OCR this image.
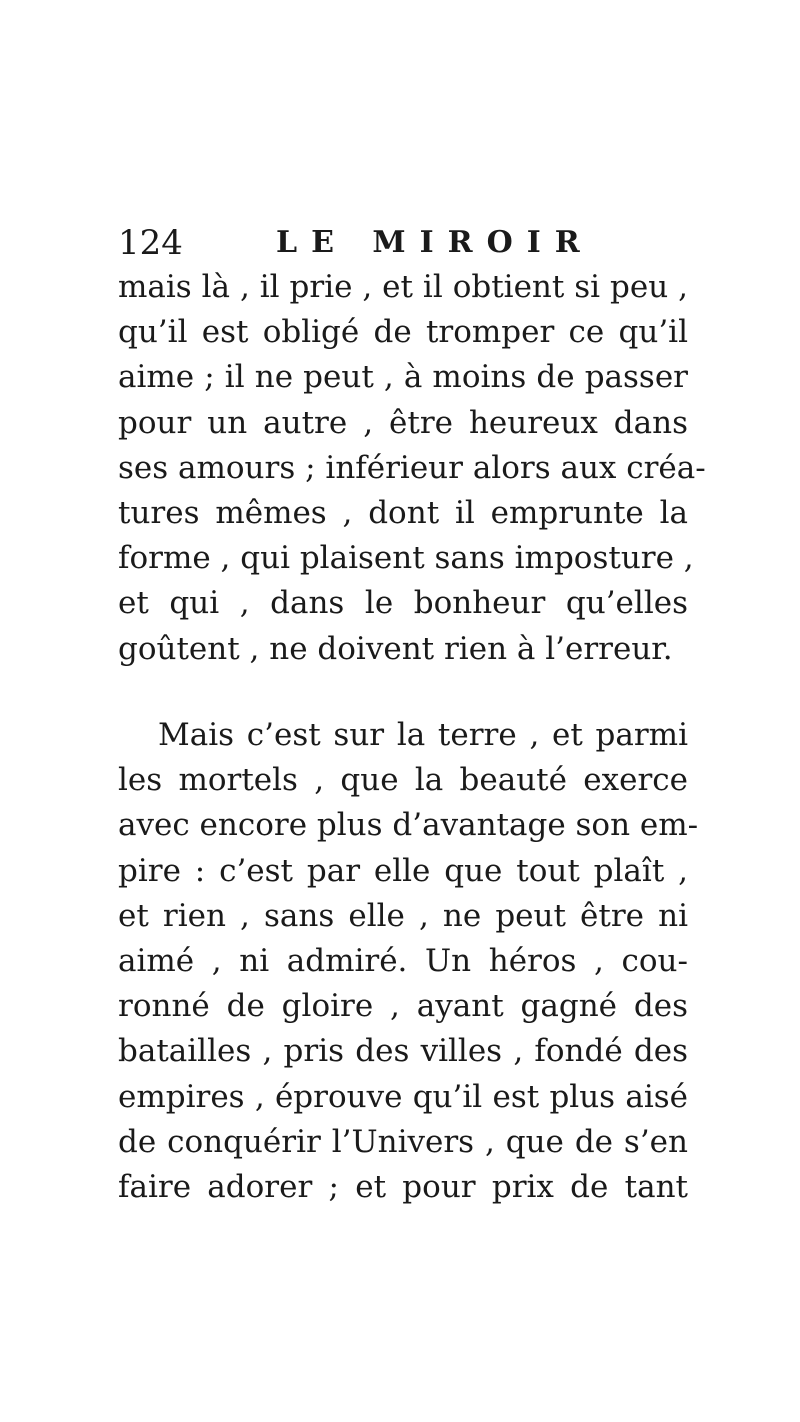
124	LE MIROIR
mais là , il prie , et il obtient si peu ,
qu’il est obligé de tromper ce qu’il
aime ; il ne peut , à moins de passer
pour un autre , être heureux dans
ses amours ; inférieur alors aux créa-
tures mêmes , dont il emprunte la
forme , qui plaisent sans imposture ,
et qui , dans le bonheur qu’elles
goûtent , ne doivent rien à l’erreur.
Mais c’est sur la terre , et parmi
les mortels , que la beauté exerce
avec encore plus d’avantage son em-
pire : c’est par elle que tout plaît ,
et rien , sans elle , ne peut être ni
aimé , ni admiré. Un héros , cou-
ronné de gloire , ayant gagné des
batailles , pris des villes , fondé des
empires , éprouve qu’il est plus aisé
de conquérir l’Univers , que de s’en
faire adorer ; et pour prix de tant
